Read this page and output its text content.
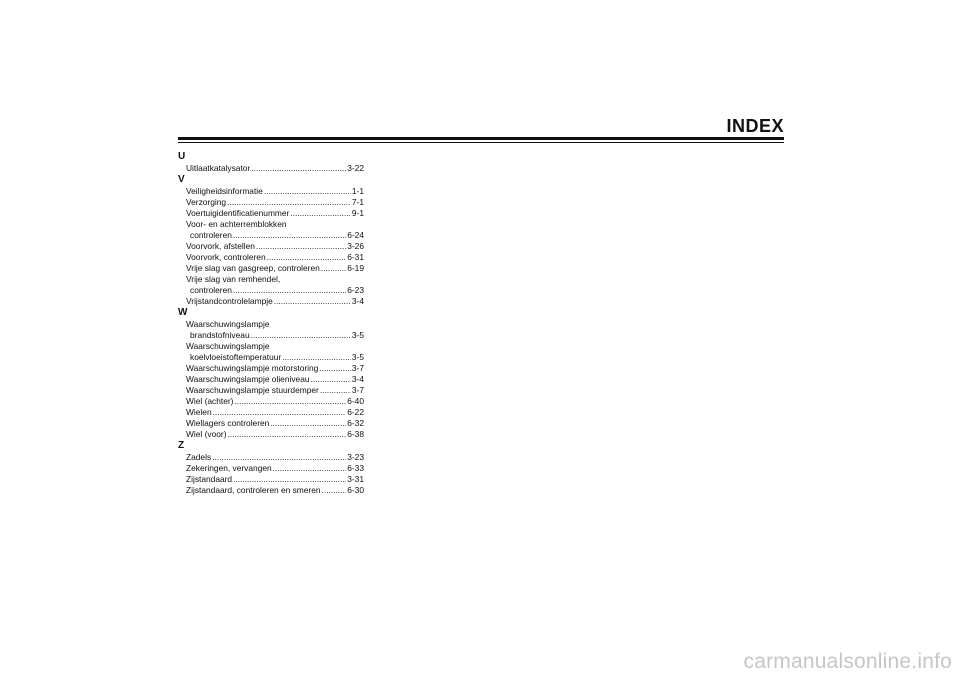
INDEX
U
Uitlaatkatalysator .....	3-22
V
Veiligheidsinformatie .....	1-1
Verzorging .....	7-1
Voertuigidentificatienummer .....	9-1
Voor- en achterremblokken
controleren .....	6-24
Voorvork, afstellen .....	3-26
Voorvork, controleren .....	6-31
Vrije slag van gasgreep, controleren .....	6-19
Vrije slag van remhendel,
controleren .....	6-23
Vrijstandcontrolelampje .....	3-4
W
Waarschuwingslampje
brandstofniveau .....	3-5
Waarschuwingslampje
koelvloeistoftemperatuur .....	3-5
Waarschuwingslampje motorstoring .....	3-7
Waarschuwingslampje olieniveau .....	3-4
Waarschuwingslampje stuurdemper .....	3-7
Wiel (achter) .....	6-40
Wielen .....	6-22
Wiellagers controleren .....	6-32
Wiel (voor) .....	6-38
Z
Zadels .....	3-23
Zekeringen, vervangen .....	6-33
Zijstandaard .....	3-31
Zijstandaard, controleren en smeren .....	6-30
carmanualsonline.info
